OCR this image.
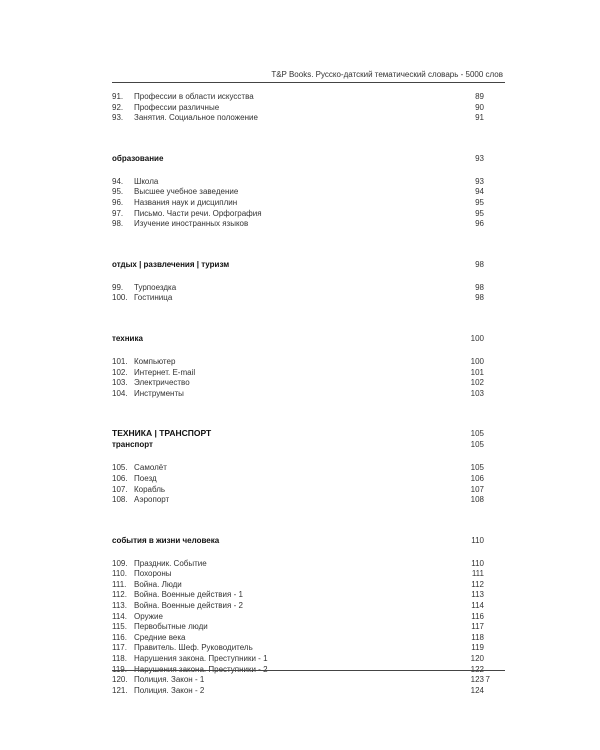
T&P Books. Русско-датский тематический словарь - 5000 слов
91. Профессии в области искусства	89
92. Профессии различные	90
93. Занятия. Социальное положение	91
образование	93
94. Школа	93
95. Высшее учебное заведение	94
96. Названия наук и дисциплин	95
97. Письмо. Части речи. Орфография	95
98. Изучение иностранных языков	96
отдых | развлечения | туризм	98
99. Турпоездка	98
100. Гостиница	98
техника	100
101. Компьютер	100
102. Интернет. E-mail	101
103. Электричество	102
104. Инструменты	103
ТЕХНИКА | ТРАНСПОРТ	105
транспорт	105
105. Самолёт	105
106. Поезд	106
107. Корабль	107
108. Аэропорт	108
события в жизни человека	110
109. Праздник. Событие	110
110. Похороны	111
111. Война. Люди	112
112. Война. Военные действия - 1	113
113. Война. Военные действия - 2	114
114. Оружие	116
115. Первобытные люди	117
116. Средние века	118
117. Правитель. Шеф. Руководитель	119
118. Нарушения закона. Преступники - 1	120
119. Нарушения закона. Преступники - 2	122
120. Полиция. Закон - 1	123
121. Полиция. Закон - 2	124
7
